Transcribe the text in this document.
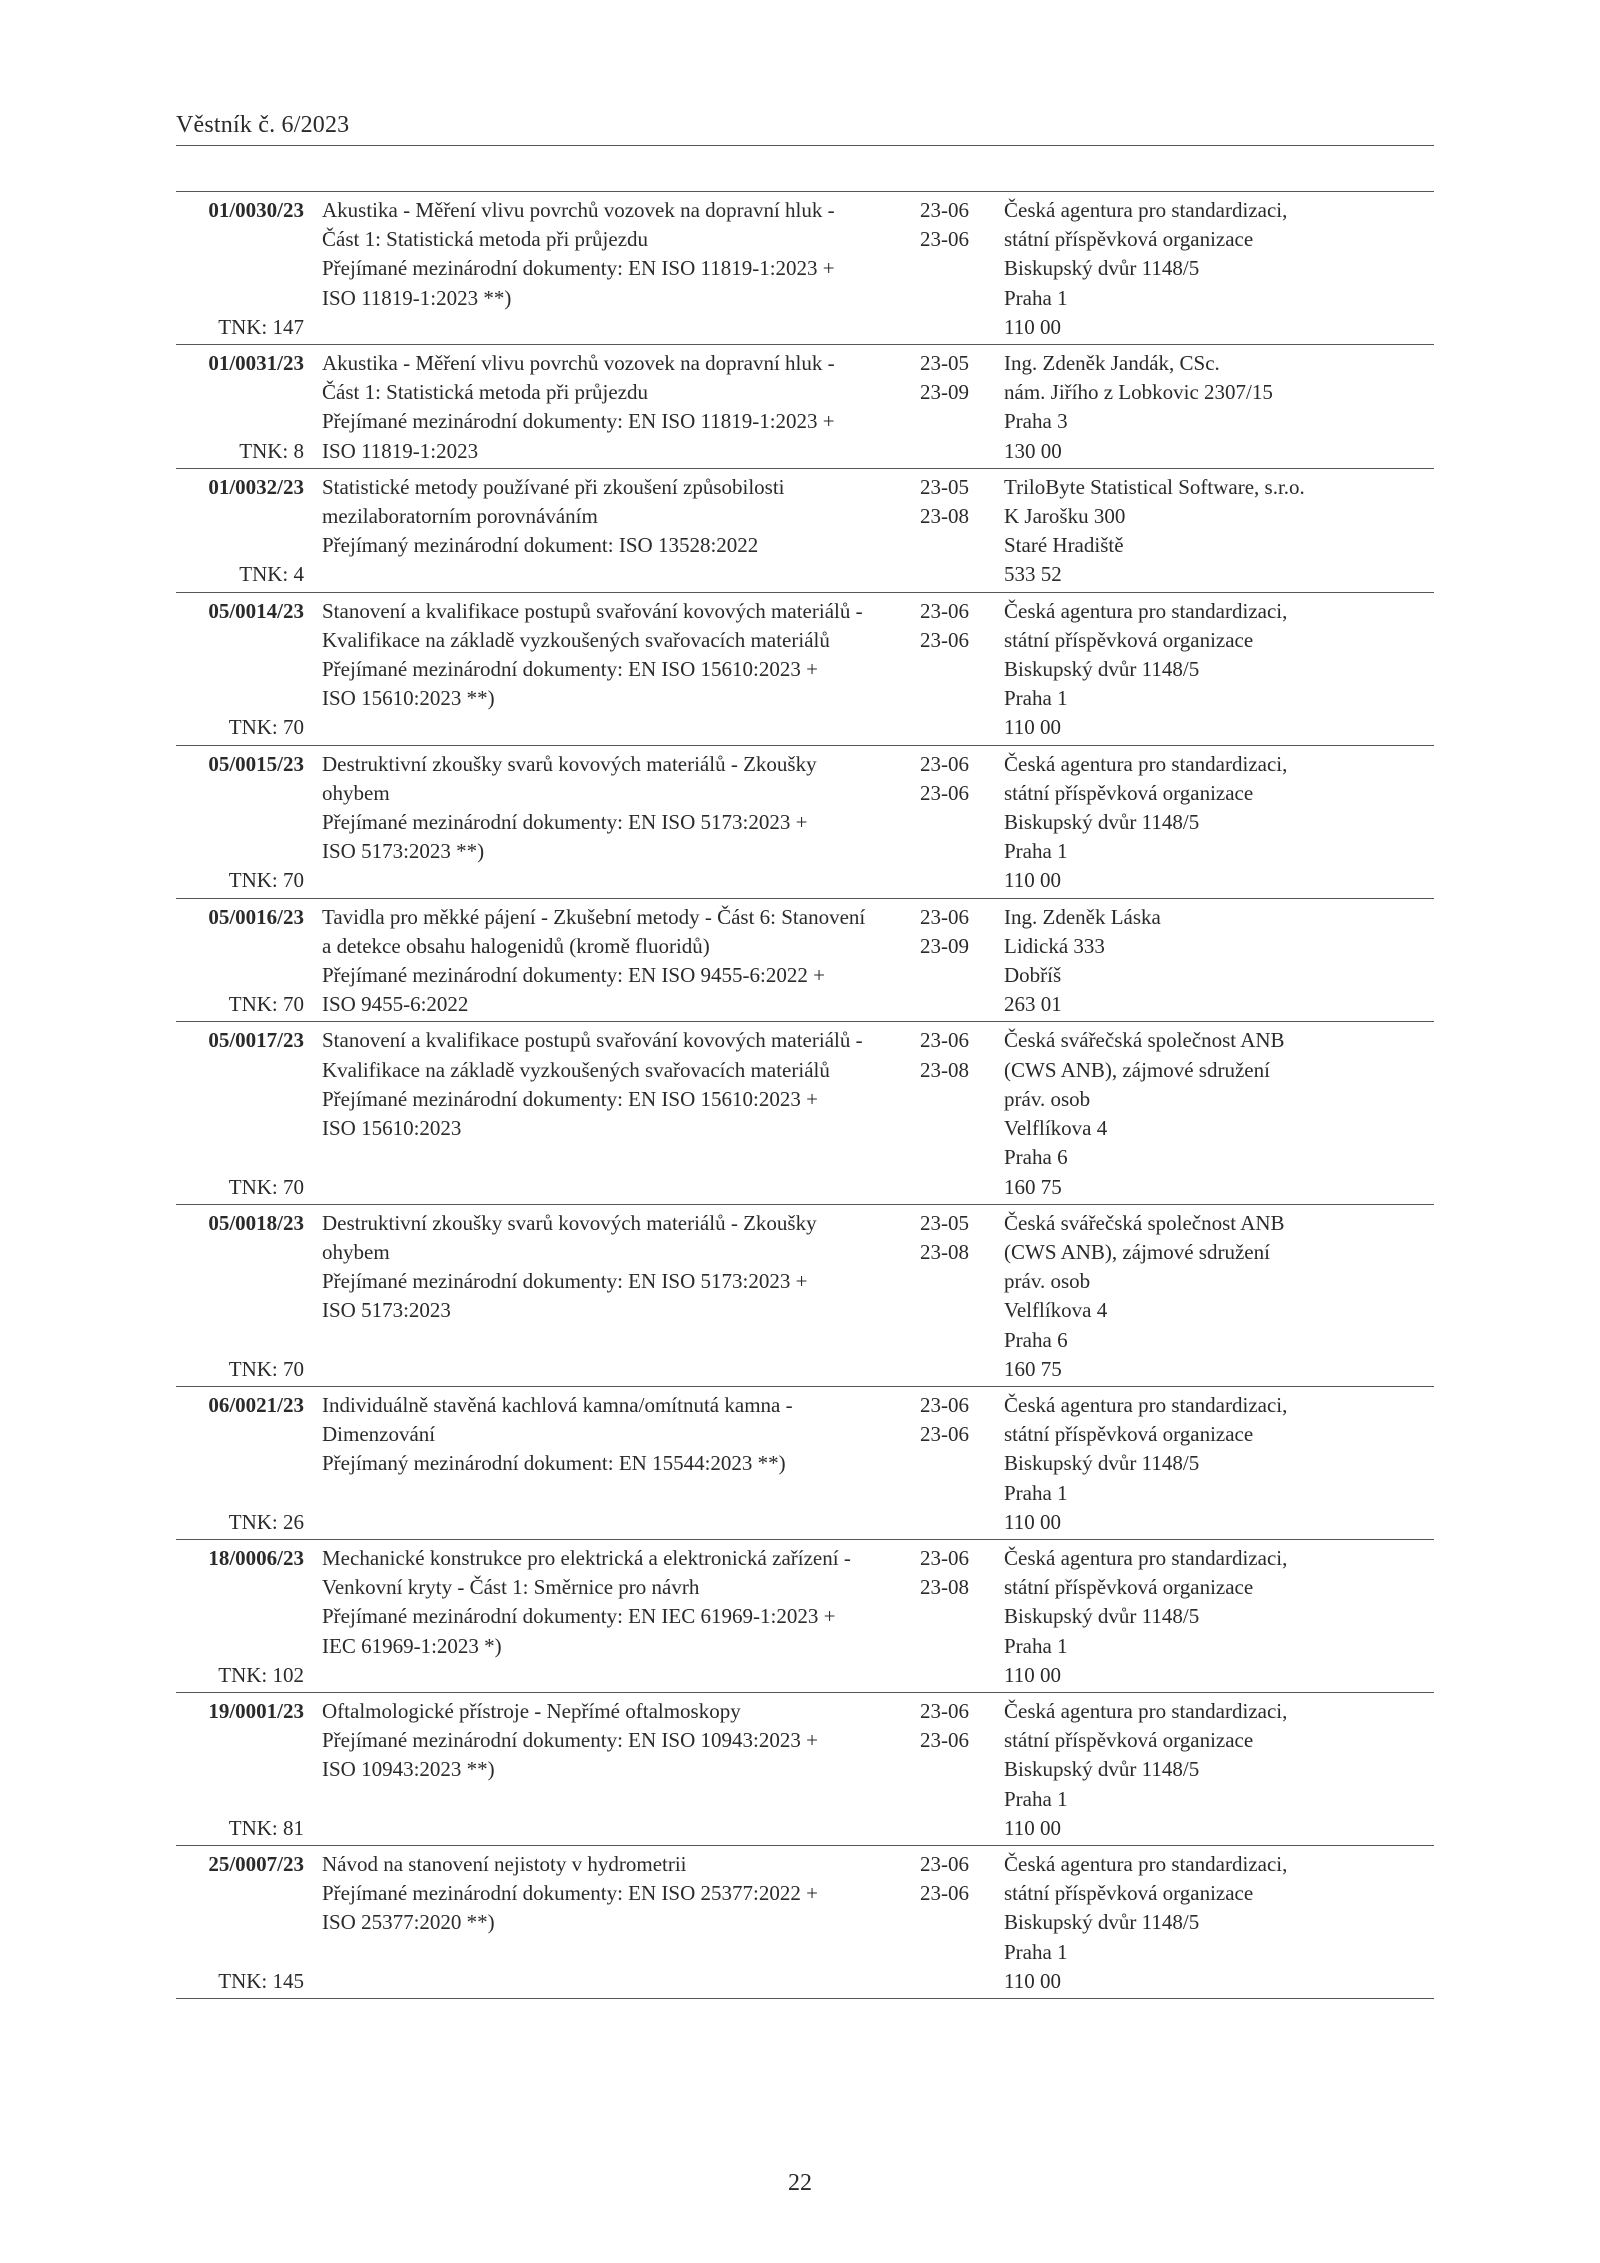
Věstník č. 6/2023
01/0030/23
TNK: 147
Akustika - Měření vlivu povrchů vozovek na dopravní hluk -
Část 1: Statistická metoda při průjezdu
Přejímané mezinárodní dokumenty: EN ISO 11819-1:2023 +
ISO 11819-1:2023 **)
23-06
23-06
Česká agentura pro standardizaci,
státní příspěvková organizace
Biskupský dvůr 1148/5
Praha 1
110 00
01/0031/23
TNK: 8
Akustika - Měření vlivu povrchů vozovek na dopravní hluk -
Část 1: Statistická metoda při průjezdu
Přejímané mezinárodní dokumenty: EN ISO 11819-1:2023 +
ISO 11819-1:2023
23-05
23-09
Ing. Zdeněk Jandák, CSc.
nám. Jiřího z Lobkovic 2307/15
Praha 3
130 00
01/0032/23
TNK: 4
Statistické metody používané při zkoušení způsobilosti
mezilaboratorním porovnáváním
Přejímaný mezinárodní dokument: ISO 13528:2022
23-05
23-08
TriloByte Statistical Software, s.r.o.
K Jarošku 300
Staré Hradiště
533 52
05/0014/23
TNK: 70
Stanovení a kvalifikace postupů svařování kovových materiálů -
Kvalifikace na základě vyzkoušených svařovacích materiálů
Přejímané mezinárodní dokumenty: EN ISO 15610:2023 +
ISO 15610:2023 **)
23-06
23-06
Česká agentura pro standardizaci,
státní příspěvková organizace
Biskupský dvůr 1148/5
Praha 1
110 00
05/0015/23
TNK: 70
Destruktivní zkoušky svarů kovových materiálů - Zkoušky
ohybem
Přejímané mezinárodní dokumenty: EN ISO 5173:2023 +
ISO 5173:2023 **)
23-06
23-06
Česká agentura pro standardizaci,
státní příspěvková organizace
Biskupský dvůr 1148/5
Praha 1
110 00
05/0016/23
TNK: 70
Tavidla pro měkké pájení - Zkušební metody - Část 6: Stanovení
a detekce obsahu halogenidů (kromě fluoridů)
Přejímané mezinárodní dokumenty: EN ISO 9455-6:2022 +
ISO 9455-6:2022
23-06
23-09
Ing. Zdeněk Láska
Lidická 333
Dobříš
263 01
05/0017/23
TNK: 70
Stanovení a kvalifikace postupů svařování kovových materiálů -
Kvalifikace na základě vyzkoušených svařovacích materiálů
Přejímané mezinárodní dokumenty: EN ISO 15610:2023 +
ISO 15610:2023
23-06
23-08
Česká svářečská společnost ANB
(CWS ANB), zájmové sdružení
práv. osob
Velflíkova 4
Praha 6
160 75
05/0018/23
TNK: 70
Destruktivní zkoušky svarů kovových materiálů - Zkoušky
ohybem
Přejímané mezinárodní dokumenty: EN ISO 5173:2023 +
ISO 5173:2023
23-05
23-08
Česká svářečská společnost ANB
(CWS ANB), zájmové sdružení
práv. osob
Velflíkova 4
Praha 6
160 75
06/0021/23
TNK: 26
Individuálně stavěná kachlová kamna/omítnutá kamna -
Dimenzování
Přejímaný mezinárodní dokument: EN 15544:2023 **)
23-06
23-06
Česká agentura pro standardizaci,
státní příspěvková organizace
Biskupský dvůr 1148/5
Praha 1
110 00
18/0006/23
TNK: 102
Mechanické konstrukce pro elektrická a elektronická zařízení -
Venkovní kryty - Část 1: Směrnice pro návrh
Přejímané mezinárodní dokumenty: EN IEC 61969-1:2023 +
IEC 61969-1:2023 *)
23-06
23-08
Česká agentura pro standardizaci,
státní příspěvková organizace
Biskupský dvůr 1148/5
Praha 1
110 00
19/0001/23
TNK: 81
Oftalmologické přístroje - Nepřímé oftalmoskopy
Přejímané mezinárodní dokumenty: EN ISO 10943:2023 +
ISO 10943:2023 **)
23-06
23-06
Česká agentura pro standardizaci,
státní příspěvková organizace
Biskupský dvůr 1148/5
Praha 1
110 00
25/0007/23
TNK: 145
Návod na stanovení nejistoty v hydrometrii
Přejímané mezinárodní dokumenty: EN ISO 25377:2022 +
ISO 25377:2020 **)
23-06
23-06
Česká agentura pro standardizaci,
státní příspěvková organizace
Biskupský dvůr 1148/5
Praha 1
110 00
22
